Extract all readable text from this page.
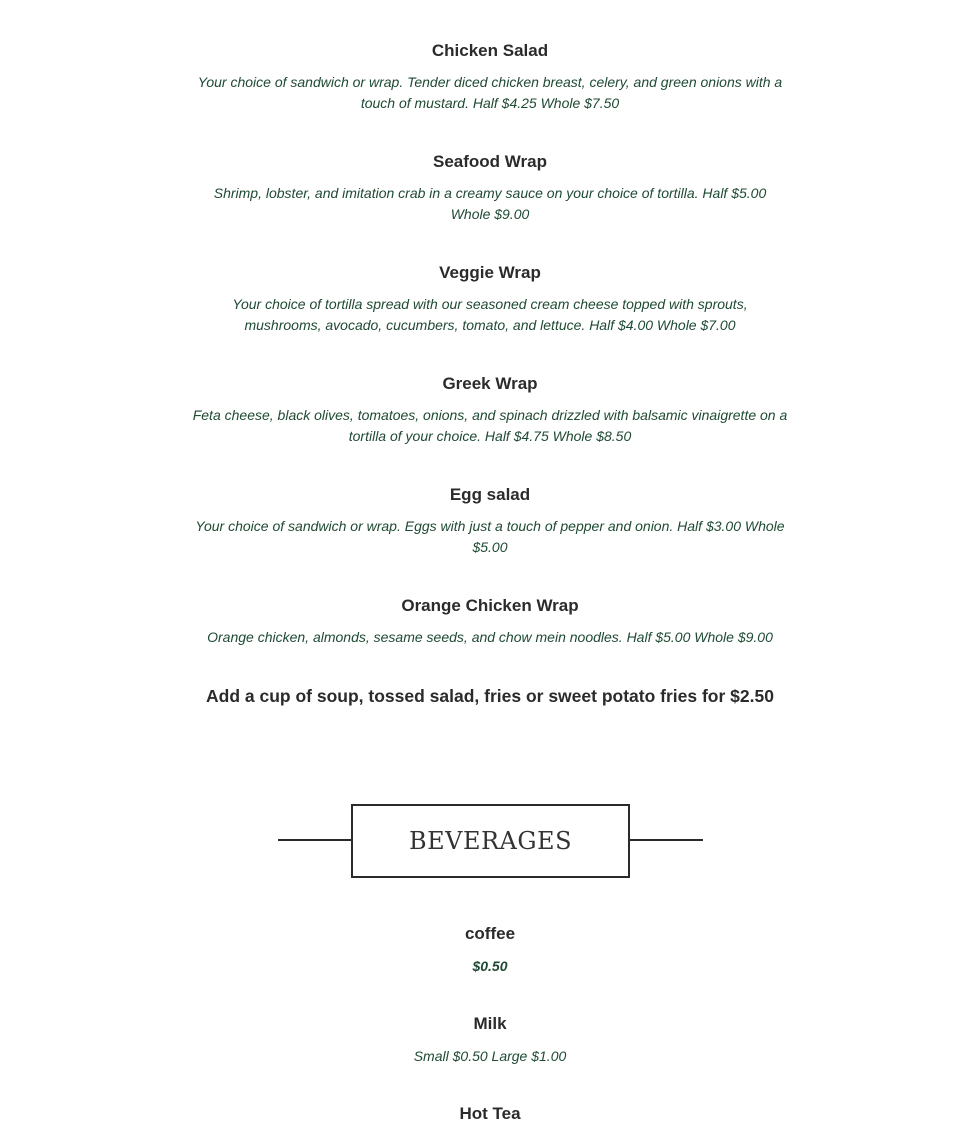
Chicken Salad

Your choice of sandwich or wrap. Tender diced chicken breast, celery, and green onions with a touch of mustard. Half $4.25 Whole $7.50

Seafood Wrap

Shrimp, lobster, and imitation crab in a creamy sauce on your choice of tortilla. Half $5.00 Whole $9.00

Veggie Wrap

Your choice of tortilla spread with our seasoned cream cheese topped with sprouts, mushrooms, avocado, cucumbers, tomato, and lettuce. Half $4.00 Whole $7.00

Greek Wrap

Feta cheese, black olives, tomatoes, onions, and spinach drizzled with balsamic vinaigrette on a tortilla of your choice. Half $4.75 Whole $8.50

Egg salad

Your choice of sandwich or wrap. Eggs with just a touch of pepper and onion. Half $3.00 Whole $5.00

Orange Chicken Wrap

Orange chicken, almonds, sesame seeds, and chow mein noodles. Half $5.00 Whole $9.00

Add a cup of soup, tossed salad, fries or sweet potato fries for $2.50
BEVERAGES

coffee

$0.50

Milk

Small $0.50 Large $1.00

Hot Tea
